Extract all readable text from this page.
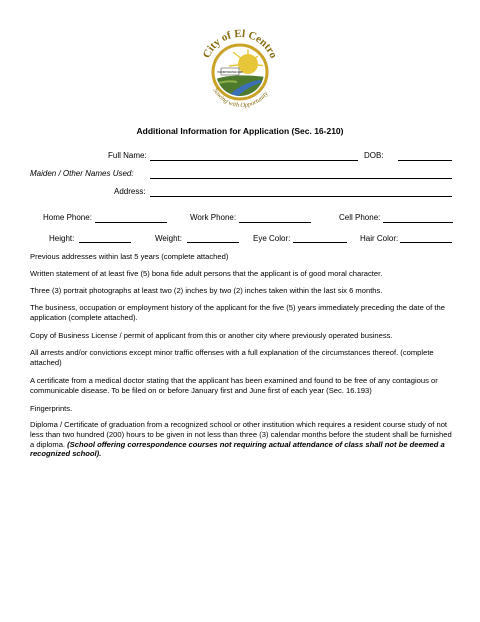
INCORPORATED 1908
City of El Centro
Sowing with Opportunity
Additional Information for Application (Sec. 16-210)
Full Name:	DOB:
Maiden / Other Names Used:
Address:
Home Phone:	Work Phone:	Cell Phone:
Height:	Weight:	Eye Color:	Hair Color:
Previous addresses within last 5 years (complete attached)
Written statement of at least five (5) bona fide adult persons that the applicant is of good moral character.
Three (3) portrait photographs at least two (2) inches by two (2) inches taken within the last six 6 months.
The business, occupation or employment history of the applicant for the five (5) years immediately preceding the date of the application (complete attached).
Copy of Business License / permit of applicant from this or another city where previously operated business.
All arrests and/or convictions except minor traffic offenses with a full explanation of the circumstances thereof. (complete attached)
A certificate from a medical doctor stating that the applicant has been examined and found to be free of any contagious or communicable disease. To be filed on or before January first and June first of each year (Sec. 16.193)
Fingerprints.
Diploma / Certificate of graduation from a recognized school or other institution which requires a resident course study of not less than two hundred (200) hours to be given in not less than three (3) calendar months before the student shall be furnished a diploma. (School offering correspondence courses not requiring actual attendance of class shall not be deemed a recognized school).
